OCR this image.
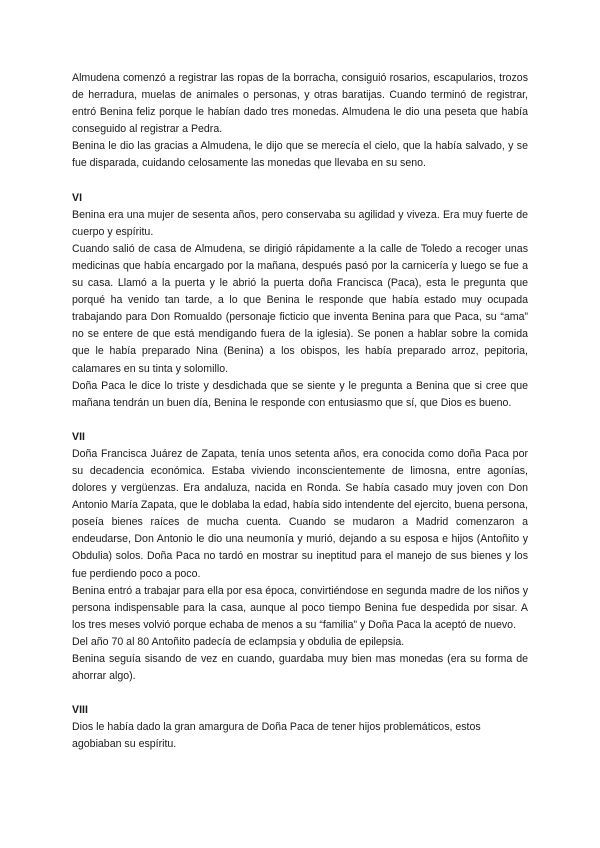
Almudena comenzó a registrar las ropas de la borracha, consiguió rosarios, escapularios, trozos de herradura, muelas de animales o personas, y otras baratijas. Cuando terminó de registrar, entró Benina feliz porque le habían dado tres monedas. Almudena le dio una peseta que había conseguido al registrar a Pedra.

Benina le dio las gracias a Almudena, le dijo que se merecía el cielo, que la había salvado, y se fue disparada, cuidando celosamente las monedas que llevaba en su seno.

VI

Benina era una mujer de sesenta años, pero conservaba su agilidad y viveza. Era muy fuerte de cuerpo y espíritu.

Cuando salió de casa de Almudena, se dirigió rápidamente a la calle de Toledo a recoger unas medicinas que había encargado por la mañana, después pasó por la carnicería y luego se fue a su casa. Llamó a la puerta y le abrió la puerta doña Francisca (Paca), esta le pregunta que porqué ha venido tan tarde, a lo que Benina le responde que había estado muy ocupada trabajando para Don Romualdo (personaje ficticio que inventa Benina para que Paca, su “ama” no se entere de que está mendigando fuera de la iglesia). Se ponen a hablar sobre la comida que le había preparado Nina (Benina) a los obispos, les había preparado arroz, pepitoria, calamares en su tinta y solomillo.

Doña Paca le dice lo triste y desdichada que se siente y le pregunta a Benina que si cree que mañana tendrán un buen día, Benina le responde con entusiasmo que sí, que Dios es bueno.

VII

Doña Francisca Juárez de Zapata, tenía unos setenta años, era conocida como doña Paca por su decadencia económica. Estaba viviendo inconscientemente de limosna, entre agonías, dolores y vergüenzas. Era andaluza, nacida en Ronda. Se había casado muy joven con Don Antonio María Zapata, que le doblaba la edad, había sido intendente del ejercito, buena persona, poseía bienes raíces de mucha cuenta. Cuando se mudaron a Madrid comenzaron a endeudarse, Don Antonio le dio una neumonía y murió, dejando a su esposa e hijos (Antoñito y Obdulia) solos. Doña Paca no tardó en mostrar su ineptitud para el manejo de sus bienes y los fue perdiendo poco a poco.

Benina entró a trabajar para ella por esa época, convirtiéndose en segunda madre de los niños y persona indispensable para la casa, aunque al poco tiempo Benina fue despedida por sisar. A los tres meses volvió porque echaba de menos a su “familia” y Doña Paca la aceptó de nuevo.

Del año 70 al 80 Antoñito padecía de eclampsia y obdulia de epilepsia.

Benina seguía sisando de vez en cuando, guardaba muy bien mas monedas (era su forma de ahorrar algo).

VIII

Dios le había dado la gran amargura de Doña Paca de tener hijos problemáticos, estos agobiaban su espíritu.
